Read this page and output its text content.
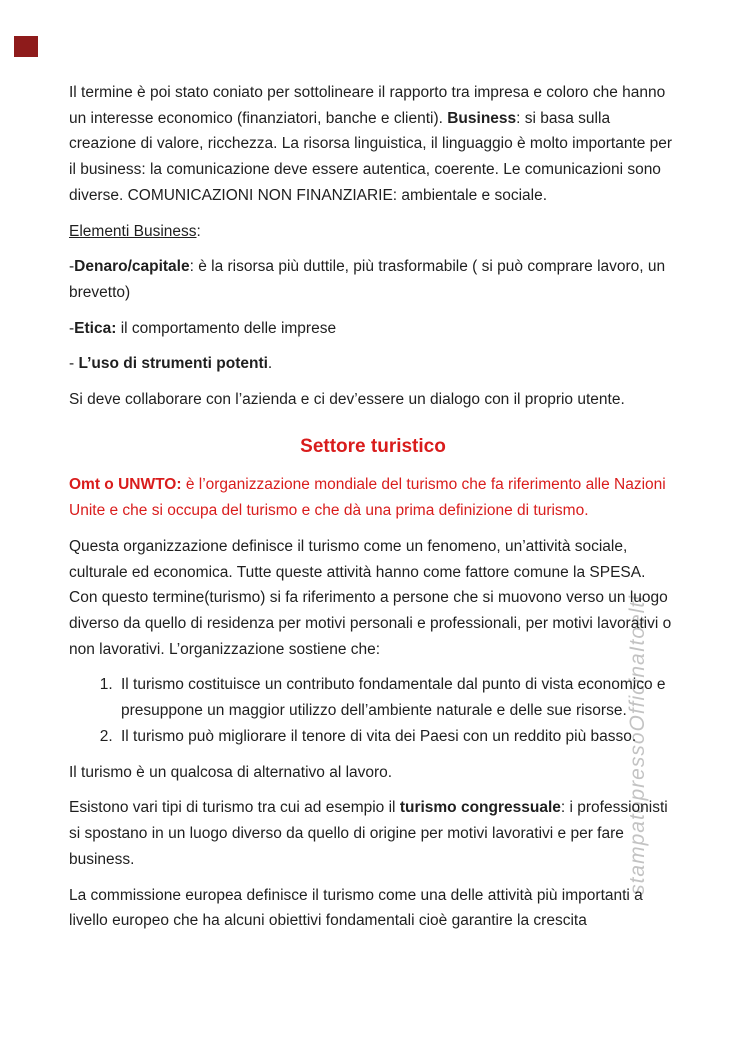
stampatopressoOfficinaItoelti

Il termine è poi stato coniato per sottolineare il rapporto tra impresa e coloro che hanno un interesse economico (finanziatori, banche e clienti). Business: si basa sulla creazione di valore, ricchezza. La risorsa linguistica, il linguaggio è molto importante per il business: la comunicazione deve essere autentica, coerente. Le comunicazioni sono diverse. COMUNICAZIONI NON FINANZIARIE: ambientale e sociale.

Elementi Business:

-Denaro/capitale: è la risorsa più duttile, più trasformabile ( si può comprare lavoro, un brevetto)

-Etica: il comportamento delle imprese

- L’uso di strumenti potenti.

Si deve collaborare con l’azienda e ci dev’essere un dialogo con il proprio utente.

Settore turistico

Omt o UNWTO: è l’organizzazione mondiale del turismo che fa riferimento alle Nazioni Unite e che si occupa del turismo e che dà una prima definizione di turismo.

Questa organizzazione definisce il turismo come un fenomeno, un’attività sociale, culturale ed economica. Tutte queste attività hanno come fattore comune la SPESA. Con questo termine(turismo) si fa riferimento a persone che si muovono verso un luogo diverso da quello di residenza per motivi personali e professionali, per motivi lavorativi o non lavorativi. L’organizzazione sostiene che:

1. Il turismo costituisce un contributo fondamentale dal punto di vista economico e presuppone un maggior utilizzo dell’ambiente naturale e delle sue risorse.
2. Il turismo può migliorare il tenore di vita dei Paesi con un reddito più basso.

Il turismo è un qualcosa di alternativo al lavoro.

Esistono vari tipi di turismo tra cui ad esempio il turismo congressuale: i professionisti si spostano in un luogo diverso da quello di origine per motivi lavorativi e per fare business.

La commissione europea definisce il turismo come una delle attività più importanti a livello europeo che ha alcuni obiettivi fondamentali cioè garantire la crescita
